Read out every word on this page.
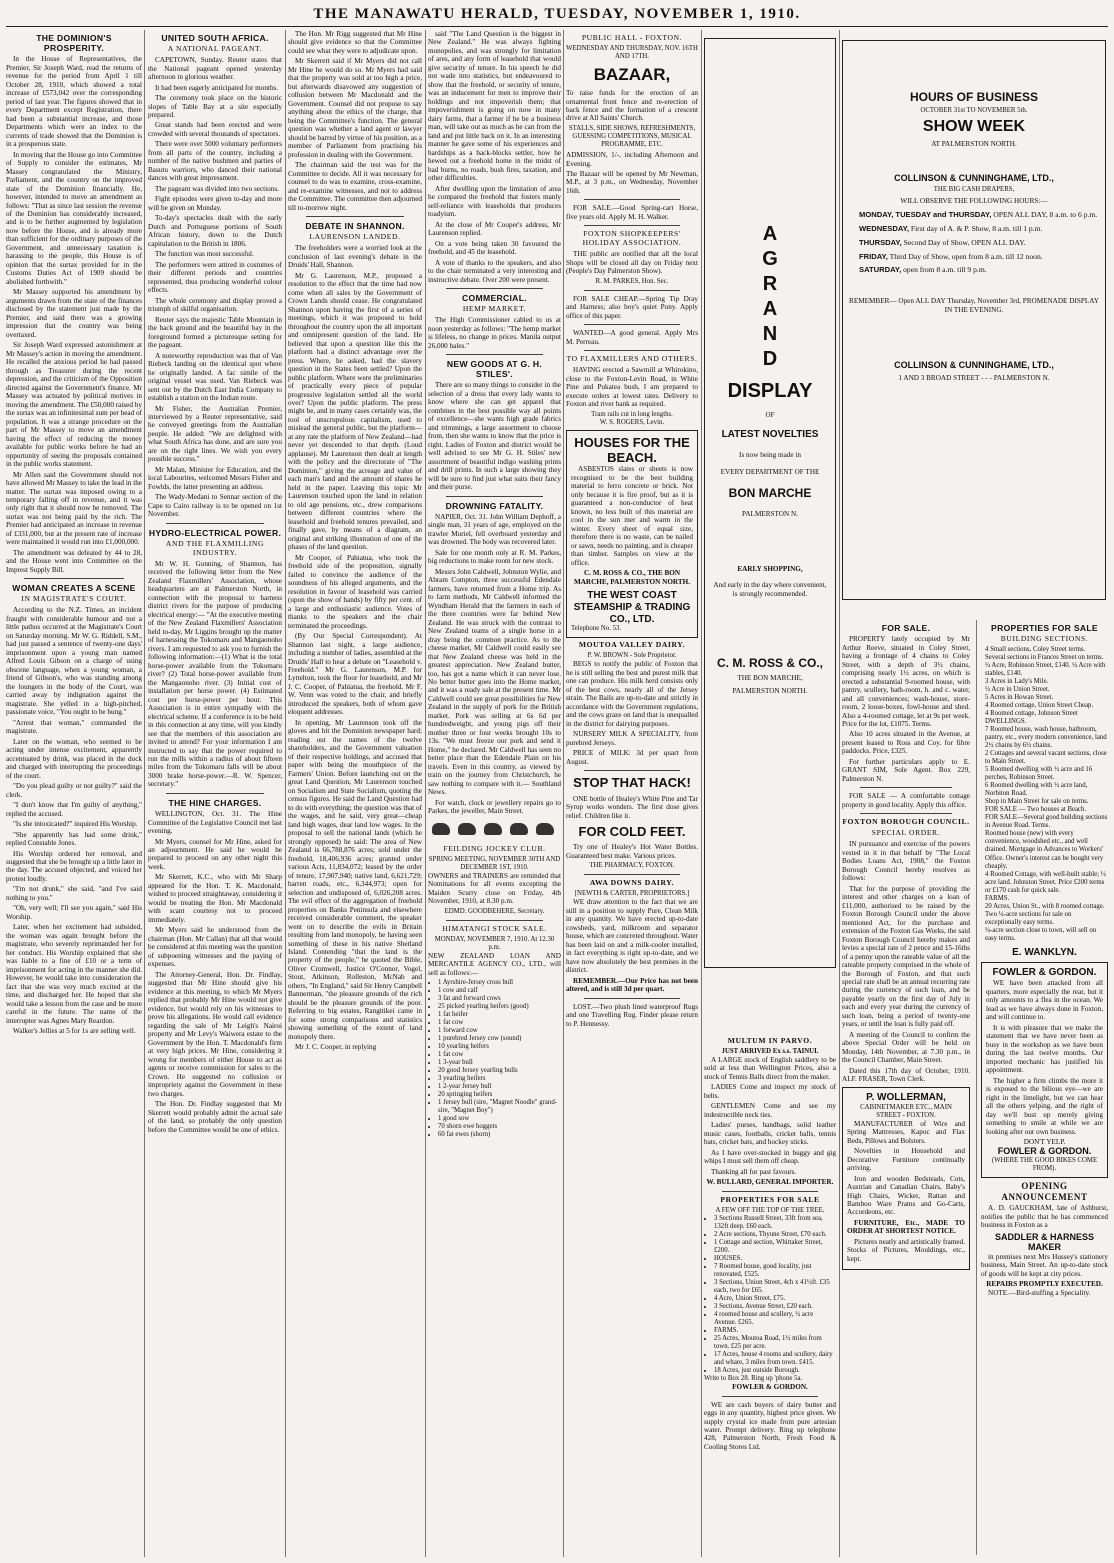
THE MANAWATU HERALD, TUESDAY, NOVEMBER 1, 1910.
THE DOMINION'S PROSPERITY.

In the House of Representatives, the Premier, Sir Joseph Ward, read the returns of revenue for the period from April 1 till October 28, 1910, which showed a total increase of £573,042 over the corresponding period of last year. The figures showed that in every Department except Registration, there had been a substantial increase, and those Departments which were an index to the currents of trade showed that the Dominion is in a prosperous state.

In moving that the House go into Committee of Supply to consider the estimates, Mr Massey congratulated the Ministry, Parliament, and the country on the improved state of the Dominion financially. He, however, intended to move an amendment as follows: "That as since last session the revenue of the Dominion has considerably increased, and is to be further augmented by legislation now before the House, and is already more than sufficient for the ordinary purposes of the Government, and unnecessary taxation is harassing to the people, this House is of opinion that the surtax provided for in the Customs Duties Act of 1909 should be abolished forthwith."

Mr Massey supported his amendment by arguments drawn from the state of the finances disclosed by the statement just made by the Premier, and said there was a growing impression that the country was being overtaxed.

Sir Joseph Ward expressed astonishment at Mr Massey's action in moving the amendment. He recalled the anxious period he had passed through as Treasurer during the recent depression, and the criticism of the Opposition directed against the Government's finance. Mr Massey was actuated by political motives in moving the amendment. The £50,000 raised by the surtax was an infinitesimal sum per head of population. It was a strange procedure on the part of Mr Massey to move an amendment having the effect of reducing the money available for public works before he had an opportunity of seeing the proposals contained in the public works statement.

Mr Allen said the Government should not have allowed Mr Massey to take the lead in the matter. The surtax was imposed owing to a temporary falling off in revenue, and it was only right that it should now be removed. The surtax was not being paid by the rich. The Premier had anticipated an increase in revenue of £331,000, but at the present rate of increase were maintained it would run into £1,000,000.

The amendment was defeated by 44 to 28, and the House went into Committee on the Imprest Supply Bill.

WOMAN CREATES A SCENE
IN MAGISTRATE'S COURT.

According to the N.Z. Times, an incident fraught with considerable humour and not a little pathos occurred at the Magistrate's Court on Saturday morning. Mr W. G. Riddell, S.M., had just passed a sentence of twenty-one days' imprisonment upon a young man named Alfred Louis Gibson on a charge of using obscene language, when a young woman, a friend of Gibson's, who was standing among the loungers in the body of the Court, was carried away by indignation against the magistrate. She yelled in a high-pitched, passionate voice, "You ought to be hung."

"Arrest that woman," commanded the magistrate.

Later on the woman, who seemed to be acting under intense excitement, apparently accentuated by drink, was placed in the dock and charged with interrupting the proceedings of the court.

"Do you plead guilty or not guilty?" said the clerk.

"I don't know that I'm guilty of anything," replied the accused.

"Is she intoxicated?" inquired His Worship.

"She apparently has had some drink," replied Constable Jones.

His Worship ordered her removal, and suggested that she be brought up a little later in the day. The accused objected, and voiced her protest loudly.

"I'm not drunk," she said, "and I've said nothing to you."

"Oh, very well; I'll see you again," said His Worship.

Later, when her excitement had subsided, the woman was again brought before the magistrate, who severely reprimanded her for her conduct. His Worship explained that she was liable to a fine of £10 or a term of imprisonment for acting in the manner she did. However, he would take into consideration the fact that she was very much excited at the time, and discharged her. He hoped that she would take a lesson from the case and be more careful in the future. The name of the interrupter was Agnes Mary Reardon.

Walker's Jellies at 5 for 1s are selling well.

UNITED SOUTH AFRICA.
A NATIONAL PAGEANT.

CAPETOWN, Sunday. Reuter states that the National pageant opened yesterday afternoon in glorious weather.

It had been eagerly anticipated for months.

The ceremony took place on the historic slopes of Table Bay at a site especially prepared.

Great stands had been erected and were crowded with several thousands of spectators.

There were over 5000 voluntary performers from all parts of the country, including a number of the native bushmen and parties of Basutu warriors, who danced their national dances with great impressment.

The pageant was divided into two sections.

Fight episodes were given to-day and more will be given on Monday.

To-day's spectacles dealt with the early Dutch and Portuguese portions of South African history, down to the Dutch capitulation to the British in 1806.

The function was most successful.

The performers were attired in costumes of their different periods and countries represented, thus producing wonderful colour effects.

The whole ceremony and display proved a triumph of skilful organisation.

Reuter says the majestic Table Mountain in the back ground and the beautiful bay in the foreground formed a picturesque setting for the pageant.

A noteworthy reproduction was that of Van Riebeck landing on the identical spot where he originally landed. A fac simile of the original vessel was used. Van Riebeck was sent out by the Dutch East India Company to establish a station on the Indian route.

Mr Fisher, the Australian Premier, interviewed by a Reuter representative, said he conveyed greetings from the Australian people. He added: "We are delighted with what South Africa has done, and are sure you are on the right lines. We wish you every possible success."

Mr Malan, Minister for Education, and the local Labourites, welcomed Messrs Fisher and Fowlds, the latter presenting an address.

The Wady-Medani to Sennar section of the Cape to Cairo railway is to be opened on 1st November.

HYDRO-ELECTRICAL POWER.
AND THE FLAXMILLING INDUSTRY.

Mr W. H. Gunning, of Shannon, has received the following letter from the New Zealand Flaxmillers' Association, whose headquarters are at Palmerston North, in connection with the proposal to harness district rivers for the purpose of producing electrical energy:— "At the executive meeting of the New Zealand Flaxmillers' Association held to-day, Mr Liggins brought up the matter of harnessing the Tokomaru and Mangaonoho rivers. I am requested to ask you to furnish the following information:—(1) What is the total horse-power available from the Tokomaru river? (2) Total horse-power available from the Mangaonoho river. (3) Initial cost of installation per horse power. (4) Estimated cost per horse-power per hour. This Association is in entire sympathy with the electrical scheme. If a conference is to be held in this connection at any time, will you kindly see that the members of this association are invited to attend? For your information I am instructed to say that the power required to run the mills within a radius of about fifteen miles from the Tokomaru falls will be about 3000 brake horse-power.—R. W. Spencer, secretary."

THE HINE CHARGES.

WELLINGTON, Oct. 31. The Hine Committee of the Legislative Council met last evening.

Mr Myers, counsel for Mr Hine, asked for an adjournment. He said he would be prepared to proceed on any other night this week.

Mr Skerrett, K.C., who with Mr Sharp appeared for the Hon. T. K. Macdonald, wished to proceed straightaway, considering it would be treating the Hon. Mr Macdonald with scant courtesy not to proceed immediately.

Mr Myers said he understood from the chairman (Hon. Mr Callan) that all that would be considered at this meeting was the question of subpoening witnesses and the paying of expenses.

The Attorney-General, Hon. Dr. Findlay, suggested that Mr Hine should give his evidence at this meeting, to which Mr Myers replied that probably Mr Hine would not give evidence, but would rely on his witnesses to prove his allegations. He would call evidence regarding the sale of Mr Leigh's Nairoi property and Mr Levy's Waiwera estate to the Government by the Hon. T. Macdonald's firm at very high prices. Mr Hine, considering it wrong for members of either House to act as agents or receive commission for sales to the Crown. He suggested no collusion or impropriety against the Government in these two charges.

The Hon. Dr. Findlay suggested that Mr Skerrett would probably admit the actual sale of the land, so probably the only question before the Committee would be one of ethics.

The Hon. Mr Rigg suggested that Mr Hine should give evidence so that the Committee could see what they were to adjudicate upon.

Mr Skerrett said if Mr Myers did not call Mr Hine he would do so. Mr Myers had said that the property was sold at too high a price, but afterwards disavowed any suggestion of collusion between Mr Macdonald and the Government. Counsel did not propose to say anything about the ethics of the charge, that being the Committee's function. The general question was whether a land agent or lawyer should be barred by virtue of his position, as a member of Parliament from practising his profession in dealing with the Government.

The chairman said the test was for the Committee to decide. All it was necessary for counsel to do was to examine, cross-examine, and re-examine witnesses, and not to address the Committee. The committee then adjourned till to-morrow night.

DEBATE IN SHANNON.
LAURENSON LANDED.

The freeholders were a worried look at the conclusion of last evening's debate in the Druids' Hall, Shannon.

Mr G. Laurenson, M.P., proposed a resolution to the effect that the time had now come when all sales by the Government of Crown Lands should cease. He congratulated Shannon upon having the first of a series of meetings, which it was proposed to hold throughout the country upon the all important and omnipresent question of the land. He believed that upon a question like this the platform had a distinct advantage over the press. Where, he asked, had the slavery question in the States been settled? Upon the public platform. Where were the preliminaries of practically every piece of popular progressive legislation settled all the world over? Upon the public platform. The press might be, and in many cases certainly was, the tool of unscrupulous capitalism, used to mislead the general public, but the platform—at any rate the platform of New Zealand—had never yet descended to that depth. (Loud applause). Mr Laurenson then dealt at length with the policy and the directorate of "The Dominion," giving the acreage and value of each man's land and the amount of shares he held in the paper. Leaving this topic Mr Laurenson touched upon the land in relation to old age pensions, etc., drew comparisons between different countries where the leasehold and freehold tenures prevailed, and finally gave, by means of a diagram, an original and striking illustration of one of the phases of the land question.

Mr Cooper, of Pahiatua, who took the freehold side of the proposition, signally failed to convince the audience of the soundness of his alleged arguments, and the resolution in favour of leasehold was carried (upon the show of hands) by fifty per cent. of a large and enthusiastic audience. Votes of thanks to the speakers and the chair terminated the proceedings.

(By Our Special Correspondent). At Shannon last night, a large audience, including a number of ladies, assembled at the Druids' Hall to hear a debate on "Leasehold v. Freehold." Mr G. Laurenson, M.P. for Lyttelton, took the floor for leasehold, and Mr J. C. Cooper, of Pahiatua, the freehold. Mr F. W. Venn was voted to the chair, and briefly introduced the speakers, both of whom gave eloquent addresses.

In opening, Mr Laurenson took off the gloves and hit the Dominion newspaper hard; reading out the names of the twelve shareholders, and the Government valuation of their respective holdings, and accused that paper with being the mouthpiece of the Farmers' Union. Before launching out on the great Land Question, Mr Laurenson touched on Socialism and State Socialism, quoting the census figures. He said the Land Question had to do with everything; the question was that of the wages, and he said, very great—cheap land high wages, dear land low wages. In the proposal to sell the national lands (which he strongly opposed) he said: The area of New Zealand is 66,788,876 acres; sold under the freehold, 18,406,936 acres; granted under various Acts, 11,834,072; leased by the order of tenure, 17,907,940; native land, 6,621,729; barren roads, etc., 6,344,973; open for selection and undisposed of, 6,026,208 acres. The evil effect of the aggregation of freehold properties on Banks Peninsula and elsewhere received considerable comment, the speaker went on to describe the evils in Britain resulting from land monopoly, he having seen something of these in his native Shetland Island. Contending "that the land is the property of the people," he quoted the Bible, Oliver Cromwell, Justice O'Connor, Vogel, Stout, Atkinson, Rolleston, McNab and others, "In England," said Sir Henry Campbell Bannerman, "the pleasure grounds of the rich should be the pleasure grounds of the poor. Referring to big estates, Rangitikei came in for some strong comparisons and statistics showing something of the extent of land monopoly there.

Mr J. C. Cooper, in replying

said "The Land Question is the biggest in New Zealand." He was always fighting monopolies, and was strongly for limitation of ares, and any form of leasehold that would give security of tenure. In his speech he did not wade into statistics, but endeavoured to show that the freehold, or security of tenure, was an inducement for men to improve their holdings and not impoverish them; that impoverishment is going on now in many dairy farms, that a farmer if he be a business man, will take out as much as he can from the land and put little back on it. In an interesting manner he gave some of his experiences and hardships as a back-blocks settler, how he hewed out a freehold home in the midst of bad burns, no roads, bush fires, taxation, and other difficulties.

After dwelling upon the limitation of area he compared the freehold that fosters manly self-reliance with leaseholds that produces toadyism.

At the close of Mr Cooper's address, Mr Laurenson replied.

On a vote being taken 30 favoured the freehold, and 45 the leasehold.

A vote of thanks to the speakers, and also to the chair terminated a very interesting and instructive debate. Over 200 were present.

COMMERCIAL.
HEMP MARKET.

The High Commissioner cabled to us at noon yesterday as follows: "The hemp market is lifeless, no change in prices. Manila output 26,000 bales."

NEW GOODS AT G. H. STILES'.

There are so many things to consider in the selection of a dress that every lady wants to know where she can get apparel that combines in the best possible way all points of excellence—she wants high grade fabrics and trimmings, a large assortment to choose from, then she wants to know that the price is right. Ladies of Foxton and district would be well advised to see Mr G. H. Stiles' new assortment of beautiful indigo washing prints and drill prints. In such a large showing they will be sure to find just what suits their fancy and their purse.

DROWNING FATALITY.

NAPIER, Oct. 31. John William Dephoff, a single man, 31 years of age, employed on the trawler Muriel, fell overboard yesterday and was drowned. The body was recovered later.

Sale for one month only at R. M. Parkes, big reductions to make room for new stock.

Messrs John Caldwell, Johnston Wylie, and Abram Compton, three successful Edendale farmers, have returned from a Home trip. As to farm methods, Mr Caldwell informed the Wyndham Herald that the farmers in each of the three countries were far behind New Zealand. He was struck with the contrast to New Zealand teams of a single horse in a dray being the common practice. As to the cheese market, Mr Caldwell could easily see that New Zealand cheese was held in the greatest appreciation. New Zealand butter, too, has got a name which it can never lose. No better butter goes into the Home market, and it was a ready sale at the present time. Mr Caldwell could see great possibilities for New Zealand in the supply of pork for the British market. Pork was selling at 6s 6d per hundredweight, and young pigs off their mother three or four weeks brought 10s to 13s. "We must freeze our pork and send it Home," he declared. Mr Caldwell has seen no better place than the Edendale Plain on his travels. Even in this country, as viewed by train on the journey from Christchurch, he saw nothing to compare with it.— Southland News.

For watch, clock or jewellery repairs go to Parkes, the jeweller, Main Street.

FEILDING JOCKEY CLUB.
SPRING MEETING, NOVEMBER 30TH AND DECEMBER 1ST, 1910.

OWNERS and TRAINERS are reminded that Nominations for all events excepting the Maiden Scurry close on Friday, 4th November, 1910, at 8.30 p.m.

EDMD. GOODBEHERE, Secretary.
HIMATANGI STOCK SALE.
MONDAY, NOVEMBER 7, 1910. At 12.30 p.m.

NEW ZEALAND LOAN AND MERCANTILE AGENCY CO., LTD., will sell as follows:—

• 1 Ayrshire-Jersey cross bull
• 1 cow and calf
• 3 fat and forward cows
• 25 picked yearling heifers (good)
• 1 fat heifer
• 1 fat cow
• 1 forward cow
• 1 purebred Jersey cow (sound)
• 10 yearling heifers
• 1 fat cow
• 1 3-year bull
• 20 good Jersey yearling bulls
• 3 yearling heifers
• 1 2-year Jersey bull
• 20 springing heifers
• 1 Jersey bull (sire, "Magnet Noodle" grand-sire, "Magnet Boy")
• 1 good sow
• 70 shorn ewe hoggets
• 60 fat ewes (shorn)
PUBLIC HALL - FOXTON.
WEDNESDAY AND THURSDAY, NOV. 16TH AND 17TH.
BAZAAR,

To raise funds for the erection of an ornamental front fence and re-erection of back fence and the formation of a crescent drive at All Saints' Church.

STALLS, SIDE SHOWS, REFRESHMENTS, GUESSING COMPETITIONS, MUSICAL PROGRAMME, ETC.

ADMISSION, 1/-, including Afternoon and Evening.

The Bazaar will be opened by Mr Newman, M.P., at 3 p.m., on Wednesday, November 16th.

FOR SALE.—Good Spring-cart Horse, five years old. Apply M. H. Walker.

FOXTON SHOPKEEPERS' HOLIDAY ASSOCIATION.

THE public are notified that all the local Shops will be closed all day on Friday next (People's Day Palmerston Show).

R. M. PARKES, Hon. Sec.

FOR SALE CHEAP.—Spring Tip Dray and Harness; also boy's quiet Pony. Apply office of this paper.

WANTED—A good general. Apply Mrs M. Perreau.

TO FLAXMILLERS AND OTHERS.

HAVING erected a Sawmill at Whirokino, close to the Foxton-Levin Road, in White Pine and Pukatea bush, I am prepared to execute orders at lowest rates. Delivery to Foxton and river bank as required.

Tram rails cut in long lengths.
W. S. ROGERS, Levin.
HOUSES FOR THE BEACH.

ASBESTOS slates or sheets is now recognised to be the best building material to ferro concrete or brick. Not only because it is fire proof, but as it is guaranteed a non-conductor of heat known, no less built of this material are cool in the sun mer and warm in the winter. Every sheet of equal size, therefore there is no waste, can be nailed or sawn, needs no painting, and is cheaper than timber. Samples on view at the office.

C. M. ROSS & CO., THE BON MARCHE, PALMERSTON NORTH.
THE WEST COAST STEAMSHIP & TRADING CO., LTD.
Telephone No. 53.
MOUTOA VALLEY DAIRY.
P. W. BROWN - Sole Proprietor.

BEGS to notify the public of Foxton that he is still selling the best and purest milk that one can produce. His milk herd consists only of the best cows, nearly all of the Jersey strain. The Bails are up-to-date and strictly in accordance with the Government regulations, and the cows graze on land that is unequalled in the district for dairying purposes.

NURSERY MILK A SPECIALITY, from purebred Jerseys.

PRICE of MILK: 3d per quart from August.

STOP THAT HACK!

ONE bottle of Healey's White Pine and Tar Syrup works wonders. The first dose gives relief. Children like it.

FOR COLD FEET.

Try one of Healey's Hot Water Bottles. Guaranteed best make. Various prices.

THE PHARMACY, FOXTON.
AWA DOWNS DAIRY.
[NEWTH & CARTER, PROPRIETORS.]

WE draw attention to the fact that we are still in a position to supply Pure, Clean Milk in any quantity. We have erected up-to-date cowsheds, yard, milkroom and separator house, which are concreted throughout. Water has been laid on and a milk-cooler installed, in fact everything is right up-to-date, and we have now absolutely the best premises in the district.

REMEMBER.—Our Price has not been altered, and is still 3d per quart.

LOST.—Two plush lined waterproof Rugs and one Travelling Rug. Finder please return to P. Hennessy.

A
G
R
A
N
D
DISPLAY
OF
LATEST NOVELTIES
Is now being made in
EVERY DEPARTMENT OF THE
BON MARCHE
PALMERSTON N.
EARLY SHOPPING,
And early in the day where convenient, is strongly recommended.
C. M. ROSS & CO.,
THE BON MARCHE,
PALMERSTON NORTH.
MULTUM IN PARVO.
JUST ARRIVED Ex s.s. TAINUI.

A LARGE stock of English saddlery to be sold at less than Wellington Prices, also a stock of Tennis Balls direct from the maker.

LADIES Come and inspect my stock of belts.

GENTLEMEN Come and see my indestructible neck ties.

Ladies' purses, handbags, solid leather music cases, footballs, cricket balls, tennis bats, cricket bats, and hockey sticks.

As I have over-stocked in buggy and gig whips I must sell them off cheap.

Thanking all for past favours.

W. BULLARD, GENERAL IMPORTER.
PROPERTIES FOR SALE
A FEW OFF THE TOP OF THE TREE.
• 3 Sections Russell Street, 33ft from sea, 132ft deep. £60 each.
• 2 Acre sections, Thyune Street, £70 each.
• 1 Cottage and section, Whittaker Street, £200.
• HOUSES.
• 7 Roomed house, good locality, just renovated, £525.
• 3 Sections, Union Street, 4ch x 41½ft. £35 each, two for £65.
• 4 Acre, Union Street, £75.
• 3 Sections, Avenue Street, £20 each.
• 4 roomed house and scullery, ½ acre Avenue. £265.
• FARMS.
• 25 Acres, Moutoa Road, 1½ miles from town. £25 per acre.
• 17 Acres, house 4 rooms and scullery, dairy and whare, 3 miles from town. £415.
• 18 Acres, just outside Borough.
Write to Box 28. Ring up 'phone 5a.
FOWLER & GORDON.

WE are cash buyers of dairy butter and eggs in any quantity, highest price given. We supply crystal ice made from pure artesian water. Prompt delivery. Ring up telephone 428, Palmerston North, Fresh Food & Cooling Stores Ltd.

HOURS OF BUSINESS
OCTOBER 31st TO NOVEMBER 5th.
SHOW WEEK
AT PALMERSTON NORTH.
COLLINSON & CUNNINGHAME, LTD.,
THE BIG CASH DRAPERS,
WILL OBSERVE THE FOLLOWING HOURS:—
MONDAY, TUESDAY and THURSDAY, OPEN ALL DAY, 8 a.m. to 6 p.m.
WEDNESDAY, First day of A. & P. Show, 8 a.m. till 1 p.m.
THURSDAY, Second Day of Show, OPEN ALL DAY.
FRIDAY, Third Day of Show, open from 8 a.m. till 12 noon.
SATURDAY, open from 8 a.m. till 9 p.m.
REMEMBER— Open ALL DAY Thursday, November 3rd, PROMENADE DISPLAY IN THE EVENING.
COLLINSON & CUNNINGHAME, LTD.,
1 AND 3 BROAD STREET - - - PALMERSTON N.
FOR SALE.

PROPERTY lately occupied by Mr Arthur Reeve, situated in Coley Street, having a frontage of 4 chains to Coley Street, with a depth of 3½ chains, comprising nearly 1½ acres, on which is erected a substantial 9-roomed house, with pantry, scullery, bath-room, h. and c. water, and all conveniences; wash-house, store-room, 2 loose-boxes, fowl-house and shed. Also a 4-roomed cottage, let at 9s per week. Price for the lot, £1075. Terms.

Also 10 acres situated in the Avenue, at present leased to Ross and Coy. for fibre paddocks. Price, £325.

For further particulars apply to E. GRANT SIM, Sole Agent. Box 229, Palmerston N.

FOR SALE — A comfortable cottage property in good locality. Apply this office.

FOXTON BOROUGH COUNCIL.
SPECIAL ORDER.

IN pursuance and exercise of the powers vested in it in that behalf by "The Local Bodies Loans Act, 1908," the Foxton Borough Council hereby resolves as follows:

That for the purpose of providing the interest and other charges on a loan of £11,000, authorised to be raised by the Foxton Borough Council under the above mentioned Act, for the purchase and extension of the Foxton Gas Works, the said Foxton Borough Council hereby makes and levies a special rate of 2 pence and 15-16ths of a penny upon the rateable value of all the rateable property comprised in the whole of the Borough of Foxton, and that such special rate shall be an annual recurring rate during the currency of such loan, and be payable yearly on the first day of July in each and every year during the currency of such loan, being a period of twenty-one years, or until the loan is fully paid off.

A meeting of the Council to confirm the above Special Order will be held on Monday, 14th November, at 7.30 p.m., in the Council Chamber, Main Street.

Dated this 17th day of October, 1910. ALF. FRASER, Town Clerk.

P. WOLLERMAN,
CABINETMAKER ETC., MAIN STREET - FOXTON.

MANUFACTURER of Wire and Spring Mattresses, Kapoc and Flax Beds, Pillows and Bolsters.

Novelties in Household and Decorative Furniture continually arriving.

Iron and wooden Bedsteads, Cots, Austrian and Canadian Chairs, Baby's High Chairs, Wicker, Rattan and Bamboo Ware Prams and Go-Carts, Accordeons, etc.

FURNITURE, Etc., MADE TO ORDER AT SHORTEST NOTICE.

Pictures neatly and artistically framed. Stocks of Pictures, Mouldings, etc., kept.

PROPERTIES FOR SALE
BUILDING SECTIONS.
4 Small sections, Coley Street terms.
Several sections in Frances Street on terms.
¼ Acre, Robinson Street, £140. ¼ Acre with stables, £140.
3 Acres in Lady's Mile.
½ Acre in Union Street.
5 Acres in Howan Street.
4 Roomed cottage, Union Street Cheap.
4 Roomed cottage, Johnson Street
DWELLINGS.
7 Roomed house, wash house, bathroom, pantry, etc., every modern convenience, land 2½ chains by 6½ chains.
2 Cottages and several vacant sections, close to Main Street.
5 Roomed dwelling with ½ acre and 16 perches, Robinson Street.
6 Roomed dwelling with ½ acre land, Norbiton Road.
Shop in Main Street for sale on terms.
FOR SALE — Two houses at Beach.
FOR SALE—Several good building sections in Avenue Road. Terms.
Roomed house (new) with every convenience, woodshed etc., and well drained. Mortgage in Advances to Workers' Office. Owner's interest can be bought very cheaply.
4 Roomed Cottage, with well-built stable; ½ acre land. Johnston Street. Price £200 terms or £170 cash for quick sale.
FARMS.
20 Acres, Union St., with 8 roomed cottage.
Two ¼-acre sections for sale on exceptionally easy terms.
¼-acre section close to town, will sell on easy terms.
E. WANKLYN.
FOWLER & GORDON.

WE have been attacked from all quarters, more especially the rear, but it only amounts to a flea in the ocean. We lead as we have always done in Foxton, and will continue to.

It is with pleasure that we make the statement that we have never been as busy in the workshop as we have been during the last twelve months. Our imported mechanic has justified his appointment.

The higher a firm climbs the more it is exposed to the bilious eye—we are right in the limelight, but we can hear all the others yelping, and the right of day we'll bust up merely giving something to smile at while we are looking after our own business.

DON'T YELP.
FOWLER & GORDON.
(WHERE THE GOOD BIKES COME FROM).
OPENING ANNOUNCEMENT

A. D. GAUCKHAM, late of Ashburst, notifies the public that he has commenced business in Foxton as a

SADDLER & HARNESS MAKER

in premises next Mrs Hussey's stationery business, Main Street. An up-to-date stock of goods will be kept at city prices.

REPAIRS PROMPTLY EXECUTED.

NOTE.—Bird-stuffing a Speciality.
